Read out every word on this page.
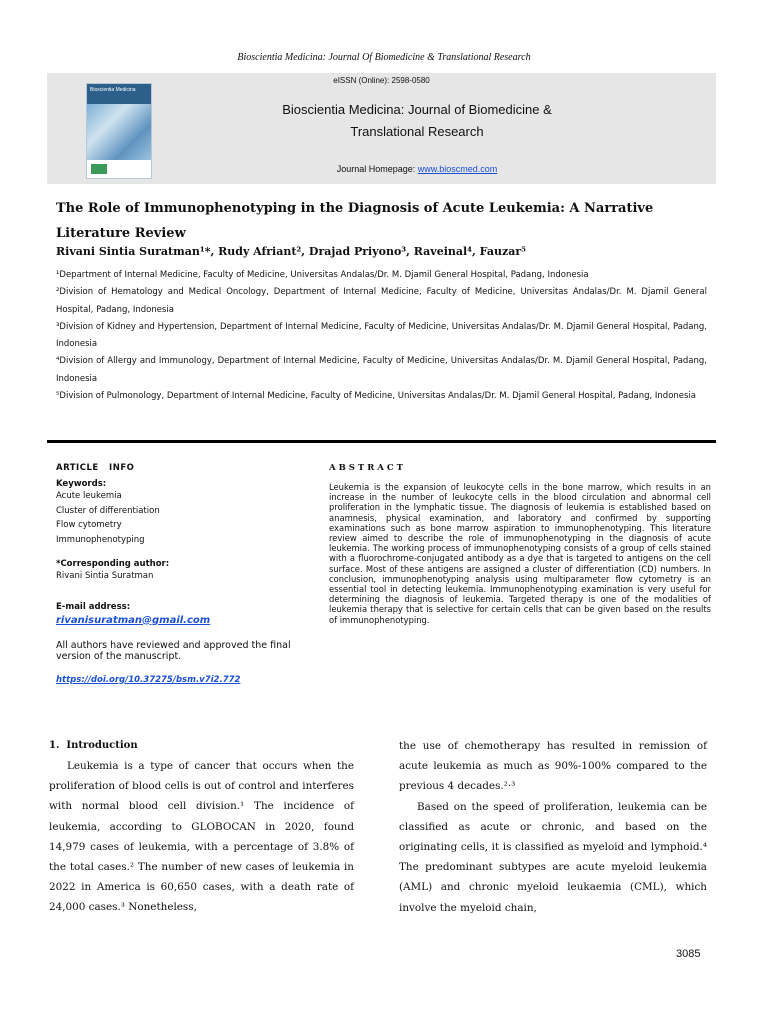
Bioscientia Medicina: Journal Of Biomedicine & Translational Research
Bioscientia Medicina
eISSN (Online): 2598-0580
Bioscientia Medicina: Journal of Biomedicine &
Translational Research
Journal Homepage: www.bioscmed.com
The Role of Immunophenotyping in the Diagnosis of Acute Leukemia: A Narrative Literature Review
Rivani Sintia Suratman¹*, Rudy Afriant², Drajad Priyono³, Raveinal⁴, Fauzar⁵
¹Department of Internal Medicine, Faculty of Medicine, Universitas Andalas/Dr. M. Djamil General Hospital, Padang, Indonesia
²Division of Hematology and Medical Oncology, Department of Internal Medicine, Faculty of Medicine, Universitas Andalas/Dr. M. Djamil General Hospital, Padang, Indonesia
³Division of Kidney and Hypertension, Department of Internal Medicine, Faculty of Medicine, Universitas Andalas/Dr. M. Djamil General Hospital, Padang, Indonesia
⁴Division of Allergy and Immunology, Department of Internal Medicine, Faculty of Medicine, Universitas Andalas/Dr. M. Djamil General Hospital, Padang, Indonesia
⁵Division of Pulmonology, Department of Internal Medicine, Faculty of Medicine, Universitas Andalas/Dr. M. Djamil General Hospital, Padang, Indonesia
ARTICLE   INFO
Keywords:
Acute leukemia
Cluster of differentiation
Flow cytometry
Immunophenotyping
*Corresponding author:
Rivani Sintia Suratman
E-mail address:
rivanisuratman@gmail.com
All authors have reviewed and approved the final version of the manuscript.
https://doi.org/10.37275/bsm.v7i2.772
ABSTRACT
Leukemia is the expansion of leukocyte cells in the bone marrow, which results in an increase in the number of leukocyte cells in the blood circulation and abnormal cell proliferation in the lymphatic tissue. The diagnosis of leukemia is established based on anamnesis, physical examination, and laboratory and confirmed by supporting examinations such as bone marrow aspiration to immunophenotyping. This literature review aimed to describe the role of immunophenotyping in the diagnosis of acute leukemia. The working process of immunophenotyping consists of a group of cells stained with a fluorochrome-conjugated antibody as a dye that is targeted to antigens on the cell surface. Most of these antigens are assigned a cluster of differentiation (CD) numbers. In conclusion, immunophenotyping analysis using multiparameter flow cytometry is an essential tool in detecting leukemia. Immunophenotyping examination is very useful for determining the diagnosis of leukemia. Targeted therapy is one of the modalities of leukemia therapy that is selective for certain cells that can be given based on the results of immunophenotyping.
1.  Introduction

Leukemia is a type of cancer that occurs when the proliferation of blood cells is out of control and interferes with normal blood cell division.¹ The incidence of leukemia, according to GLOBOCAN in 2020, found 14,979 cases of leukemia, with a percentage of 3.8% of the total cases.² The number of new cases of leukemia in 2022 in America is 60,650 cases, with a death rate of 24,000 cases.³ Nonetheless,

the use of chemotherapy has resulted in remission of acute leukemia as much as 90%-100% compared to the previous 4 decades.²·³

Based on the speed of proliferation, leukemia can be classified as acute or chronic, and based on the originating cells, it is classified as myeloid and lymphoid.⁴ The predominant subtypes are acute myeloid leukemia (AML) and chronic myeloid leukaemia (CML), which involve the myeloid chain,

3085
